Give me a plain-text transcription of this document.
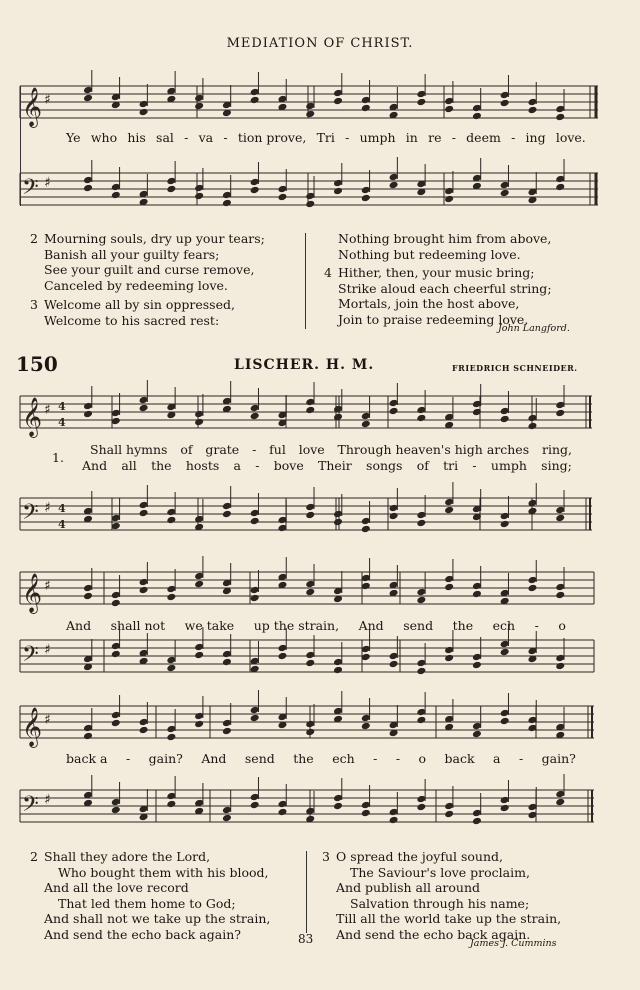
MEDIATION OF CHRIST.
𝄞 ♯
Ye who his sal - va - tion prove, Tri - umph in re - deem - ing love.
𝄢 ♯
2 Mourning souls, dry up your tears;
Banish all your guilty fears;
See your guilt and curse remove,
Canceled by redeeming love.
3 Welcome all by sin oppressed,
Welcome to his sacred rest:
Nothing brought him from above,
Nothing but redeeming love.
4 Hither, then, your music bring;
Strike aloud each cheerful string;
Mortals, join the host above,
Join to praise redeeming love.
John Langford.
150	LISCHER. H. M.	FRIEDRICH SCHNEIDER.
𝄞 ♯ 4
4
1.
Shall hymns of grate - ful love Through heaven's high arches ring,
And all the hosts a - bove Their songs of tri - umph sing;
𝄢 ♯ 4
4
𝄞 ♯
And shall not we take up the strain, And send the ech - o
𝄢 ♯
𝄞 ♯
back a - gain? And send the ech - - o back a - gain?
𝄢 ♯
2 Shall they adore the Lord,
Who bought them with his blood,
And all the love record
That led them home to God;
And shall not we take up the strain,
And send the echo back again?
3 O spread the joyful sound,
The Saviour's love proclaim,
And publish all around
Salvation through his name;
Till all the world take up the strain,
And send the echo back again.
83	James J. Cummins
